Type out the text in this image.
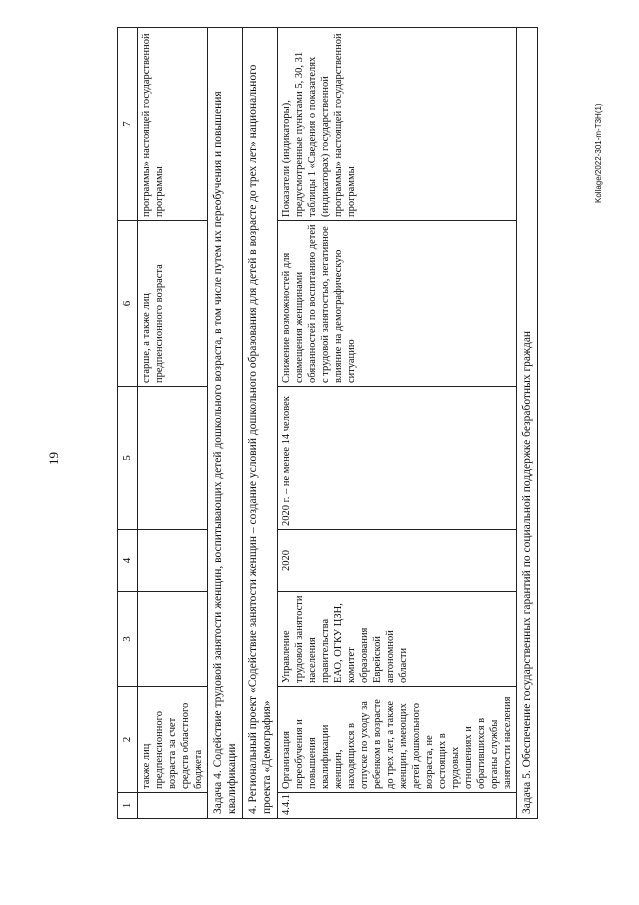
19
1	2	3	4	5	6	7
	также лиц предпенсионного возраста за счет средств областного бюджета				старше, а также лиц предпенсионного возраста	программы» настоящей государственной программы
Задача 4. Содействие трудовой занятости женщин, воспитывающих детей дошкольного возраста, в том числе путем их переобучения и повышения квалификации						
4. Региональный проект «Содействие занятости женщин – создание условий дошкольного образования для детей в возрасте до трех лет» национального проекта «Демография»						
4.4.1	Организация переобучения и повышения квалификации женщин, находящихся в отпуске по уходу за ребенком в возрасте до трех лет, а также женщин, имеющих детей дошкольного возраста, не состоящих в трудовых отношениях и обратившихся в органы службы занятости населения	Управление трудовой занятости населения правительства ЕАО, ОГКУ ЦЗН, комитет образования Еврейской автономной области	2020	2020 г. – не менее 14 человек	Снижение возможностей для совмещения женщинами обязанностей по воспитанию детей с трудовой занятостью, негативное влияние на демографическую ситуацию	Показатели (индикаторы), предусмотренные пунктами 5, 30, 31 таблицы 1 «Сведения о показателях (индикаторах) государственной программы» настоящей государственной программы
Задача 5. Обеспечение государственных гарантий по социальной поддержке безработных граждан						
Kollage/2022-301-m-T3H(1)
